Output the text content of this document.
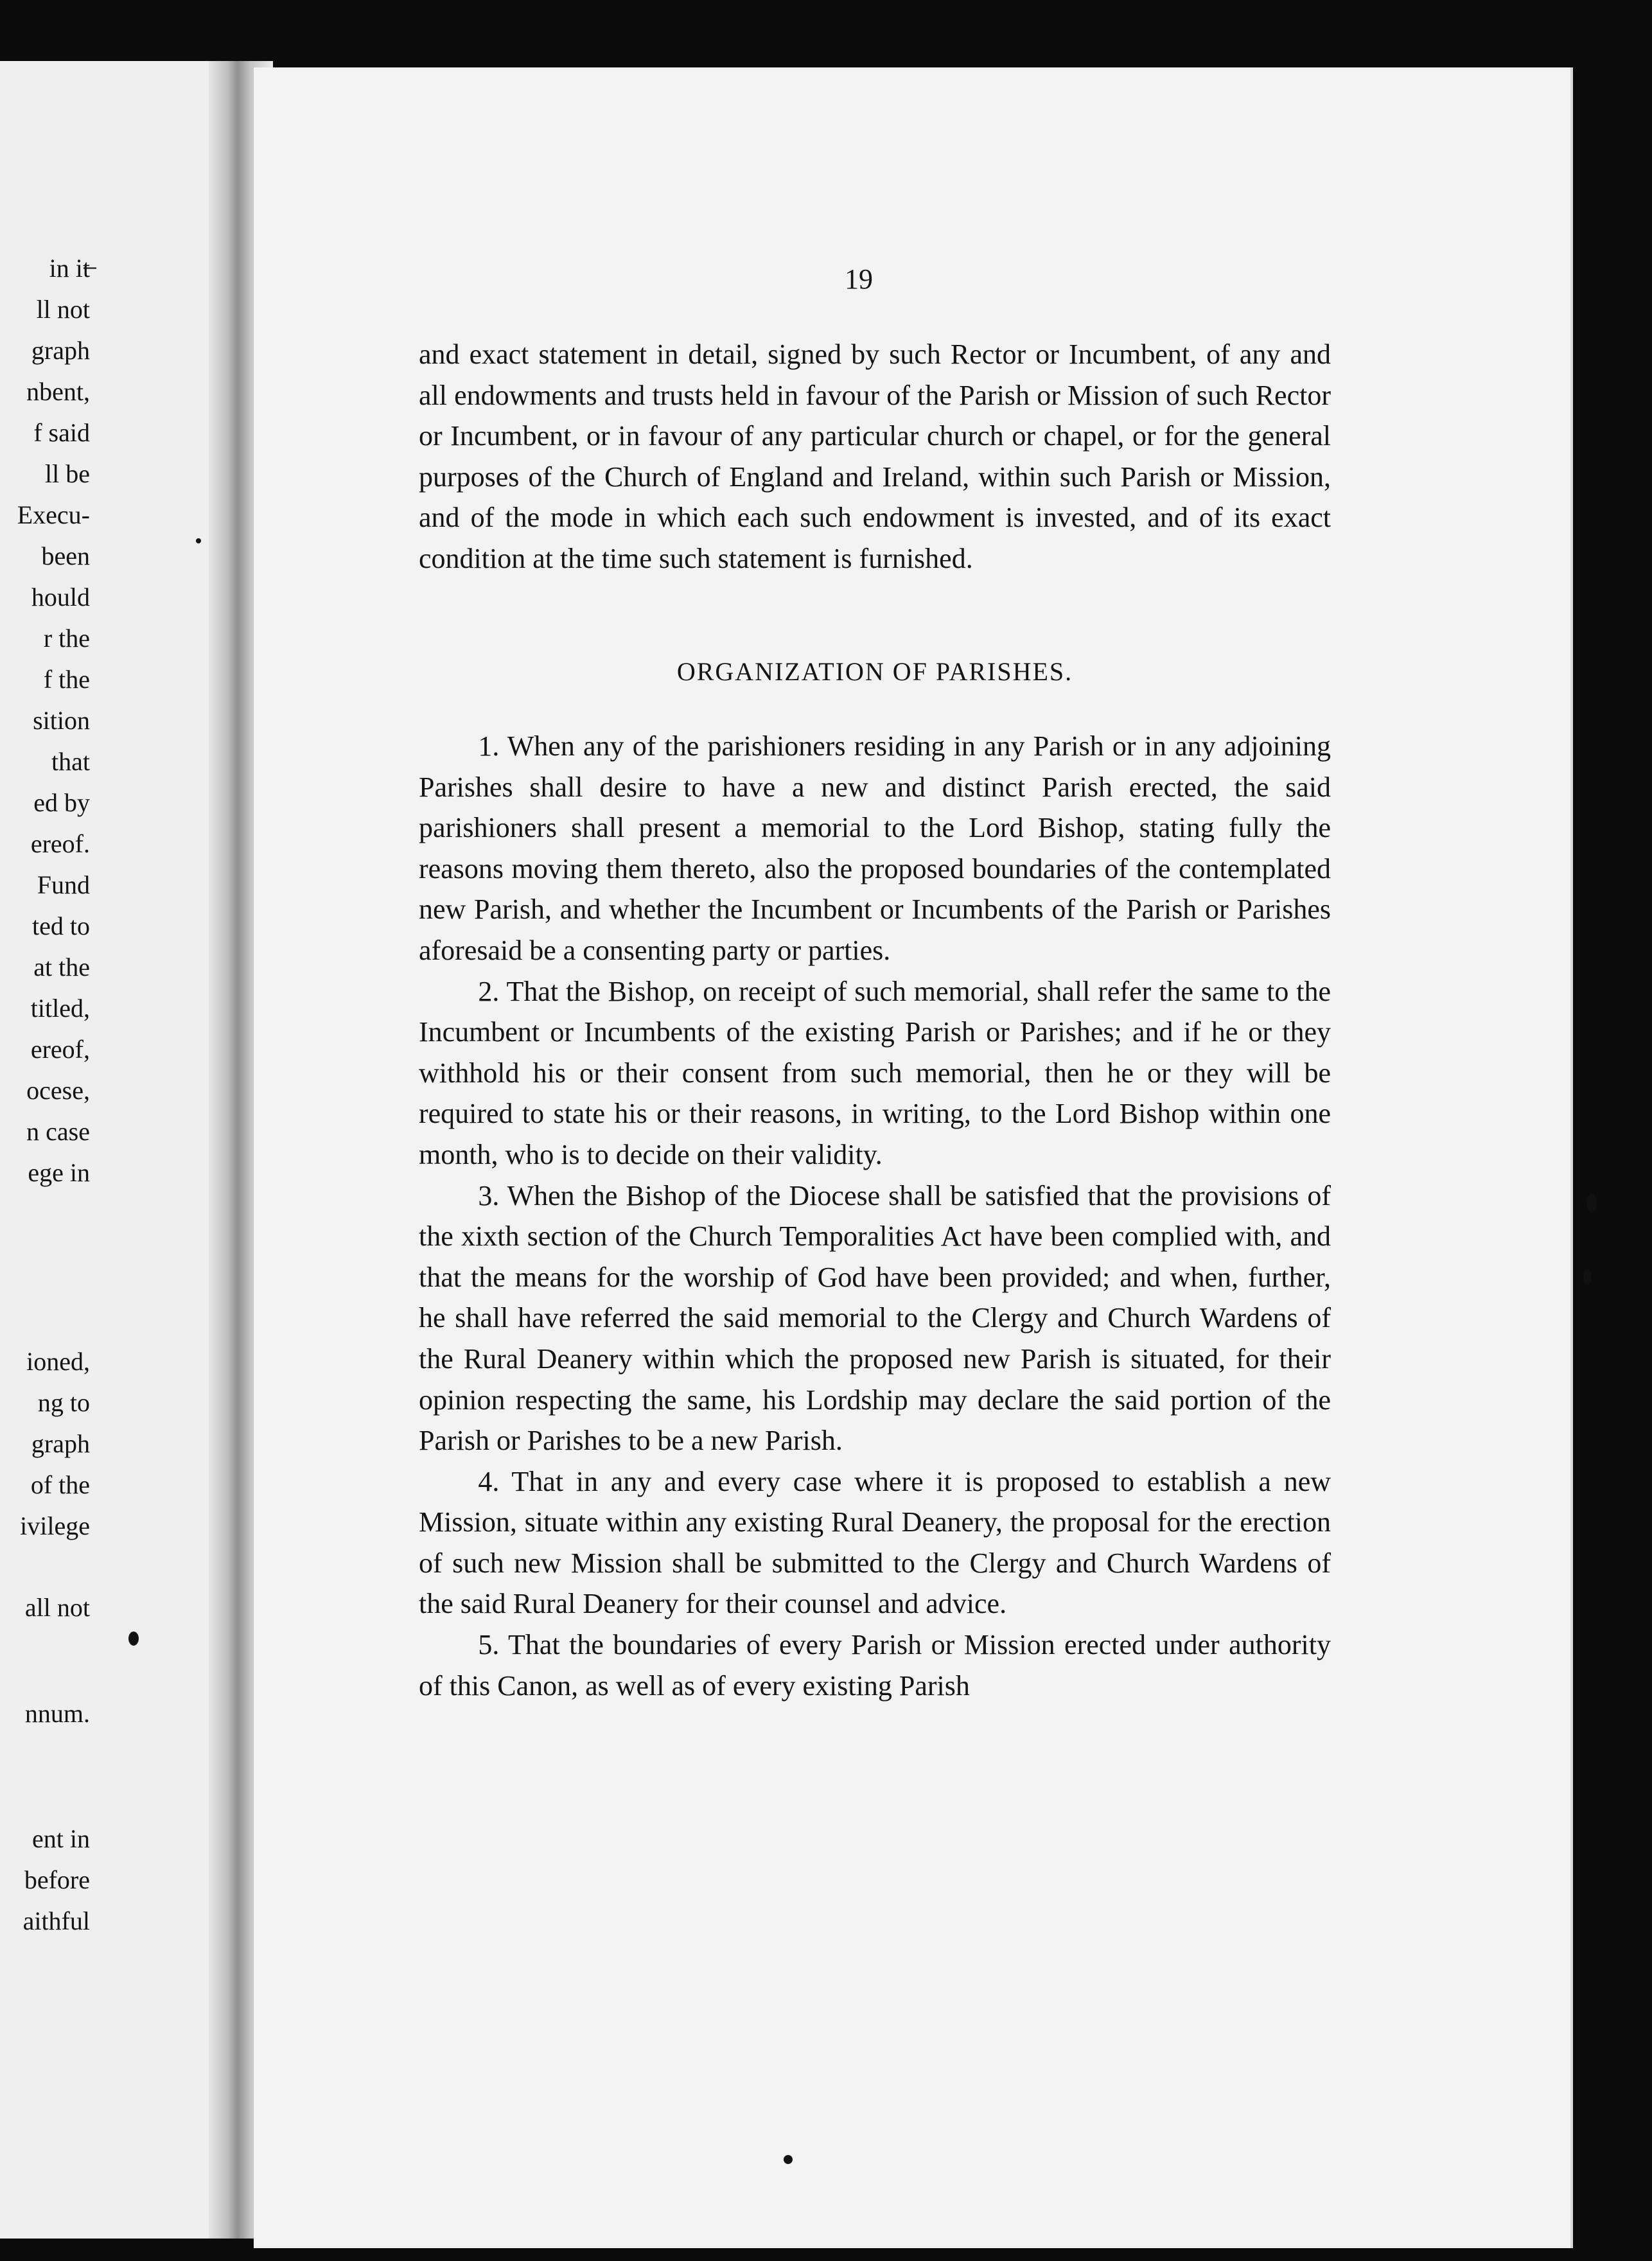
in it̶
ll not
graph
nbent,
f said
ll be
Execu-
been
hould
r the
f the
sition
that
ed by
ereof.
Fund
ted to
at the
titled,
ereof,
ocese,
n case
ege in
ioned,
ng to
graph
of the
ivilege
all not
nnum.
ent in
before
aithful
19

and exact statement in detail, signed by such Rector or Incumbent, of any and all endowments and trusts held in favour of the Parish or Mission of such Rector or Incumbent, or in favour of any particular church or chapel, or for the general purposes of the Church of England and Ireland, within such Parish or Mission, and of the mode in which each such endowment is invested, and of its exact condition at the time such statement is furnished.

ORGANIZATION OF PARISHES.

1. When any of the parishioners residing in any Parish or in any adjoining Parishes shall desire to have a new and distinct Parish erected, the said parishioners shall present a memorial to the Lord Bishop, stating fully the reasons moving them thereto, also the proposed boundaries of the contemplated new Parish, and whether the Incumbent or Incumbents of the Parish or Parishes aforesaid be a consenting party or parties.

2. That the Bishop, on receipt of such memorial, shall refer the same to the Incumbent or Incumbents of the existing Parish or Parishes; and if he or they withhold his or their consent from such memorial, then he or they will be required to state his or their reasons, in writing, to the Lord Bishop within one month, who is to decide on their validity.

3. When the Bishop of the Diocese shall be satisfied that the provisions of the xixth section of the Church Temporalities Act have been complied with, and that the means for the worship of God have been provided; and when, further, he shall have referred the said memorial to the Clergy and Church Wardens of the Rural Deanery within which the proposed new Parish is situated, for their opinion respecting the same, his Lordship may declare the said portion of the Parish or Parishes to be a new Parish.

4. That in any and every case where it is proposed to establish a new Mission, situate within any existing Rural Deanery, the proposal for the erection of such new Mission shall be submitted to the Clergy and Church Wardens of the said Rural Deanery for their counsel and advice.

5. That the boundaries of every Parish or Mission erected under authority of this Canon, as well as of every existing Parish
